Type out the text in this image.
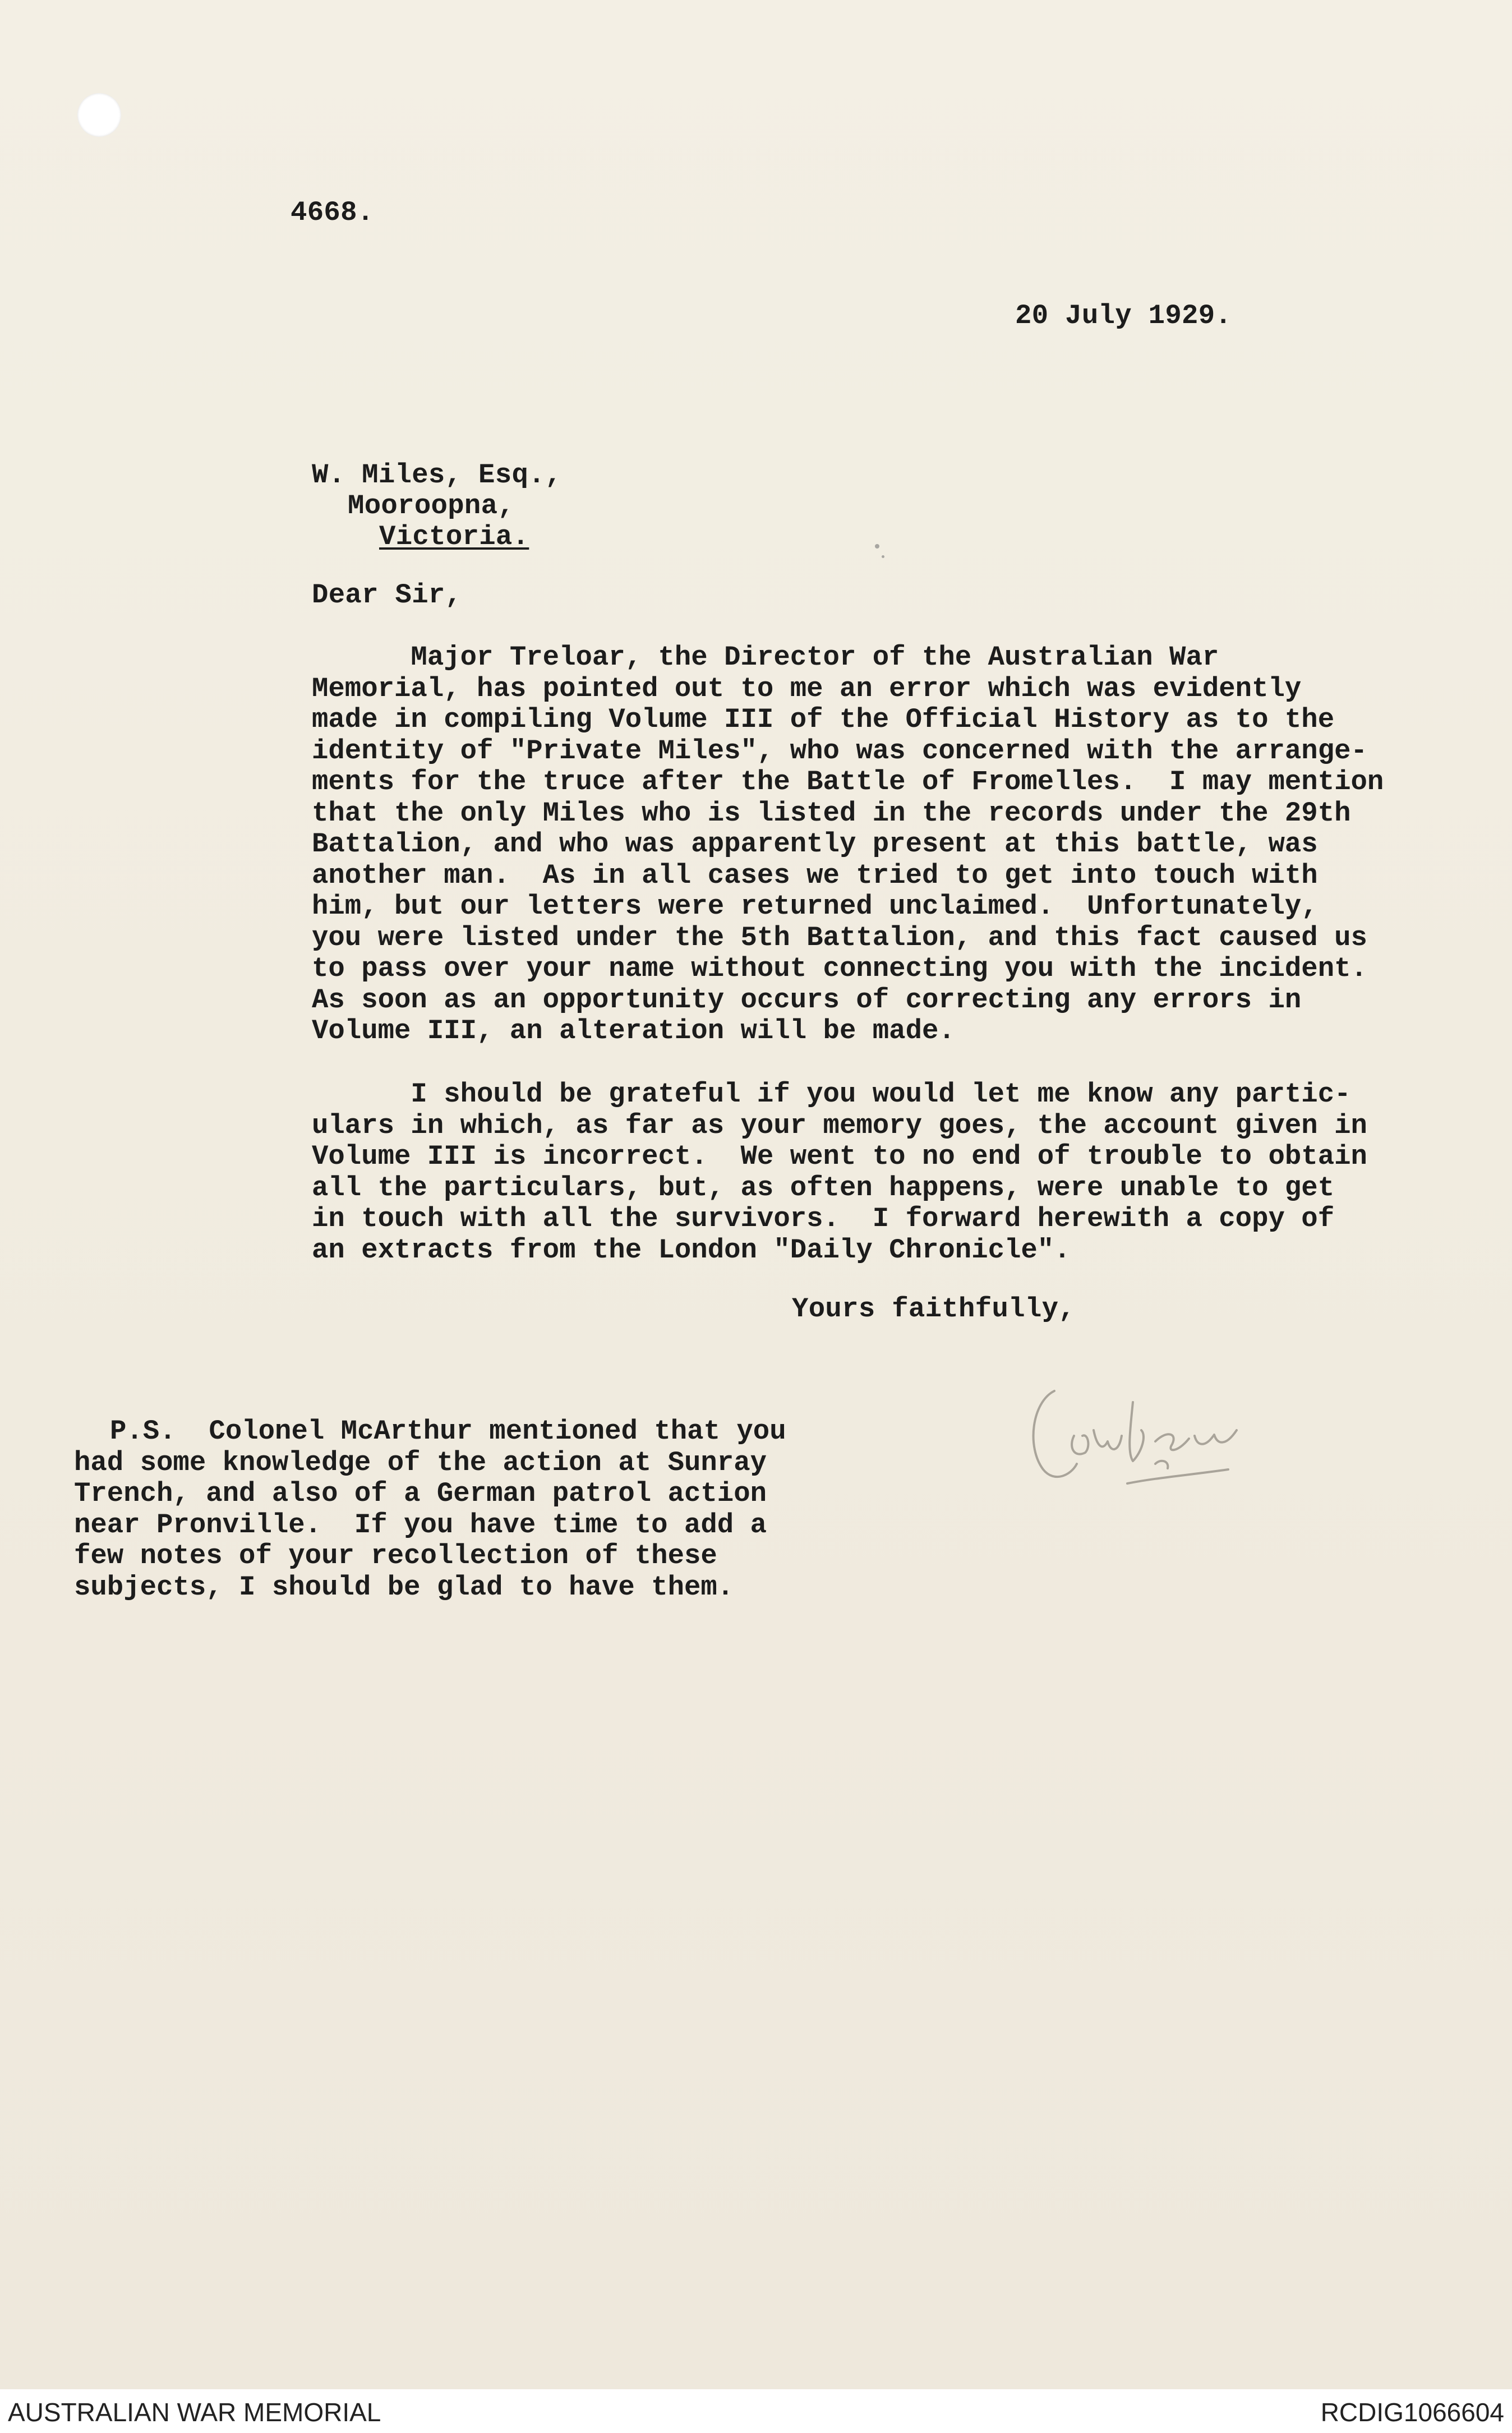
4668.
20 July 1929.
W. Miles, Esq.,
Mooroopna,
Victoria.
Dear Sir,
Major Treloar, the Director of the Australian War
Memorial, has pointed out to me an error which was evidently
made in compiling Volume III of the Official History as to the
identity of "Private Miles", who was concerned with the arrange-
ments for the truce after the Battle of Fromelles.  I may mention
that the only Miles who is listed in the records under the 29th
Battalion, and who was apparently present at this battle, was
another man.  As in all cases we tried to get into touch with
him, but our letters were returned unclaimed.  Unfortunately,
you were listed under the 5th Battalion, and this fact caused us
to pass over your name without connecting you with the incident.
As soon as an opportunity occurs of correcting any errors in
Volume III, an alteration will be made.
I should be grateful if you would let me know any partic-
ulars in which, as far as your memory goes, the account given in
Volume III is incorrect.  We went to no end of trouble to obtain
all the particulars, but, as often happens, were unable to get
in touch with all the survivors.  I forward herewith a copy of
an extracts from the London "Daily Chronicle".
Yours faithfully,
P.S.  Colonel McArthur mentioned that you
had some knowledge of the action at Sunray
Trench, and also of a German patrol action
near Pronville.  If you have time to add a
few notes of your recollection of these
subjects, I should be glad to have them.
AUSTRALIAN WAR MEMORIAL	RCDIG1066604
